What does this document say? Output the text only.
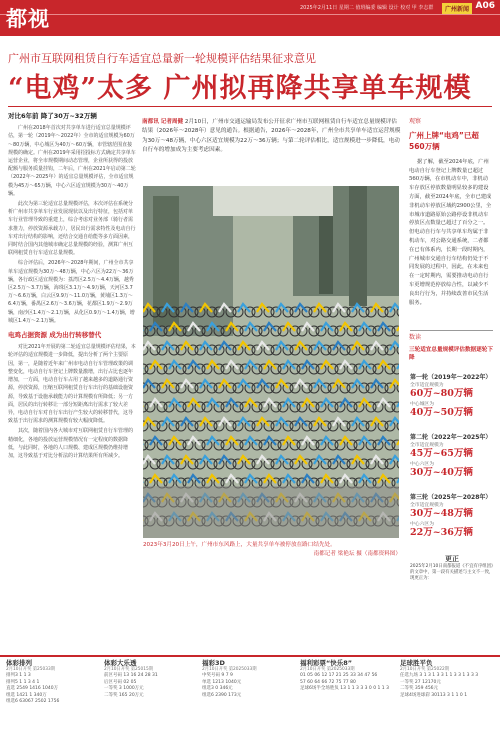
都视	2025年2月11日 星期二 值班编委 编辑 设计 校对 甲 李志群	广州新闻 A06
广州市互联网租赁自行车适宜总量新一轮规模评估结果征求意见
“电鸡”太多 广州拟再降共享单车规模
对比6年前 降了30万~32万辆

广州在2018年首次对共享单车进行适宜总量规模评估，第一轮（2019年～2022年）全市的适宜规模为60万～80万辆，中心城区为40万～60万辆，市管辖范围直接规模的确定。广州在2019年采用招投标方式确定共享单车运营企业，将全市规模期间动态管理，企业所获得的投放配额与服务质量挂钩，二年后，广州在2021年启动第二轮（2022年～2025年）的适宜总量规模评估，全市适宜规模为45万～65万辆，中心六区适宜规模为30万～40万辆。

此次为第三轮适宜总量规模评估，本次评估在系统分析广州市共享单车行业发展现状以及出行特征，包括对单车行业管理导致的重建上，综合考虑对业务部（骑行者需求推力，停放资源承载力），居民出行需求特性及电动自行车对出行结构的影响，还结合交通自给能等多方面因素，同时结合国内其他城市确定总量规模的经验，测算广州互联网租赁自行车适宜总量规模。

综合评估后，2026年～2028年期间，广州全市共享单车适宜规模为30万～48万辆，中心六区为22万～36万辆，各行政区适宜规模为：荔湾区2.5万～4.4万辆，越秀区2.5万～3.7万辆，海珠区3.1万～4.9万辆，天河区3.7万～6.6万辆，白云区9.9万～11.0万辆，黄埔区1.3万～6.4万辆，番禺区2.6万～3.6万辆，花都区1.9万～2.9万辆，南沙区1.4万～2.1万辆，从化区0.9万～1.4万辆，增城区1.4万～2.1万辆。

电鸡占据资源 成为出行转移替代

对比2021年开展的第二轮适宜总量规模评估结果，本轮评估的适宜规模进一步降低，提出分析了两个主要原因，第一，是随着近年来广州市电动自行车管理政策的调整变化，电动自行车登记上牌数量激增，出行占比也逐年增加，一方面，电动自行车占用了越来越多的道路通行资源，停放资源，压缩互联网租赁自行车出行的基础设施资源，导致基于设施承载能力的计算规模有所降低；另一方面，居民的出行转移让一部分短距离出行需求了较大差异，电动自行车对自行车出行产生较大的转移替代，这导致基于出行需求的测算规模有较大幅度降低。

其次，随着国内各大城市对互联网租赁自行车管理的精细化，各地的投放运营规模情况有一定程度的数据降低，与此同时，各地的人口规模、建成区规模仍维持增加，这导致基于对比分析法的计算结果所有所减少。

南都讯 记者周健 2月10日，广州市交通运输局发布公开征求广州市互联网租赁自行车适宜总量规模评估结果（2026年～2028年）意见的通告。根据通告，2026年～2028年，广州全市共享单车适宜运营规模为30万～48万辆，中心六区适宜规模为22万～36万辆；与第二轮评估相比，适宜规模进一步降低，电动自行车的增加成为主要考虑因素。
2023年3月20日上午，广州市东风路上，大量共享单车被停放在路口结先处。
南都记者 梁艳坛 摄（南都资料图）
观察
广州上牌“电鸡”已超560万辆

据了解，截至2024年底，广州电动自行车登记上牌数量已超过560万辆，在市机动车中，非机动车存放区停放数量明显较多的建设方面，截至2024年底，全市已建成非机动车停放区域约2900公里，全市城市道路原始公路停设非机动车停放区点数量已超过了百分之一。但电动自行车与共享单车均属于非机动车，对公路交通系统，二者都在已有体系内，长期一段时期内，广州城市交通自行车结构仍处于不同发展的过程中，因此，在未来也在一定时期内，需要推动电动自行车更增规范停放综合性，以减少不良出行行为，并持续改善市民生活服务。

数读
三轮适宜总量规模评估数据逐轮下降
第一轮（2019年～2022年）
全市适宜规模为
60万~80万辆
中心城区为
40万~50万辆
第二轮（2022年～2025年）
全市适宜规模为
45万~65万辆
中心六区为
30万~40万辆
第三轮（2025年～2028年）
全市适宜规模为
30万~48万辆
中心六区为
22万~36万辆
更正
2025年2月10日南都报道《不宜有序组团》的文章中，第一段有关描述与主文不一致，现更正为：
体彩排列
2月10日开奖 第25033期
排列3 1 1 3
排列5 1 1 3 4 1
直选 2549 1416 1040万
组选 1421 1 340万
组选6 63067 2502 1756
体彩大乐透
2月10日开奖 第25015期
前区号码 13 16 24 28 31
后区号码 02 05
一等奖 3 1000万元
二等奖 165 20万元
福彩3D
2月10日开奖 第2025033期
中奖号码 9 7 9
单选 1213 1040元
组选3 0 346元
组选6 2390 173元
福利彩票“快乐8”
2月10日开奖 第2025033期
01 05 06 12 17 21 25 33 34 47 56
57 60 64 66 72 75 77 80
足球6场半全场胜负 13 1 1 3 3 3 0 0 1 1 3
足球胜平负
2月10日开奖 第25022期
任选九场 3 1 3 1 3 3 1 1 3 3 1 3 3 3
一等奖 27 12170元
二等奖 359 456元
足球4场进球彩 30113 3 1 1 0 1
